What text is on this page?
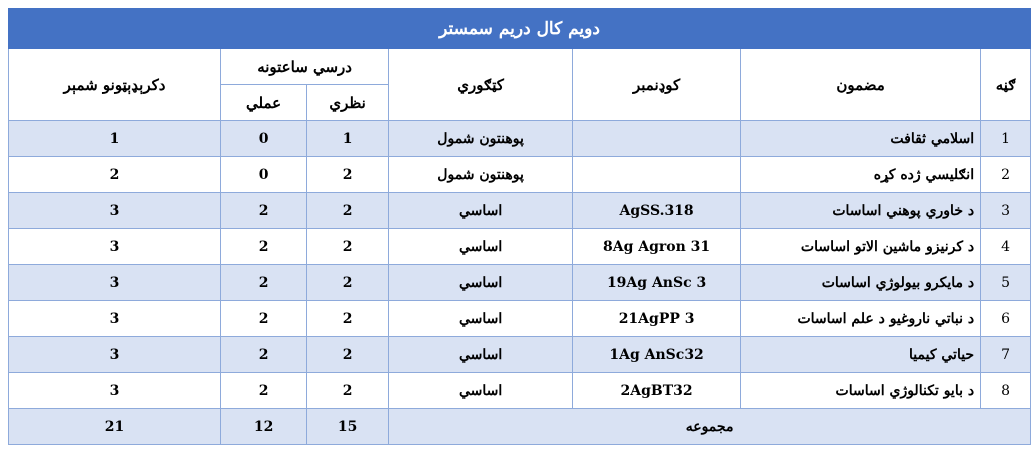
دویم کال دریم سمستر						
ګڼه	مضمون	کوډنمبر	کټګوري	درسي ساعتونه		دکرېډېټونو شمېر
				نظري	عملي	
1	اسلامي ثقافت		پوهنتون شمول	1	0	1
2	انګلیسي ژده کړه		پوهنتون شمول	2	0	2
3	د خاوري پوهني اساسات	AgSS.318	اساسي	2	2	3
4	د کرنیزو ماشین الاتو اساسات	8Ag Agron 31	اساسي	2	2	3
5	د مایکرو بیولوژي اساسات	19Ag AnSc 3	اساسي	2	2	3
6	د نباتي ناروغیو د علم اساسات	21AgPP 3	اساسي	2	2	3
7	حیاتي کیمیا	1Ag AnSc32	اساسي	2	2	3
8	د بایو تکنالوژي اساسات	2AgBT32	اساسي	2	2	3
مجموعه				15	12	21
